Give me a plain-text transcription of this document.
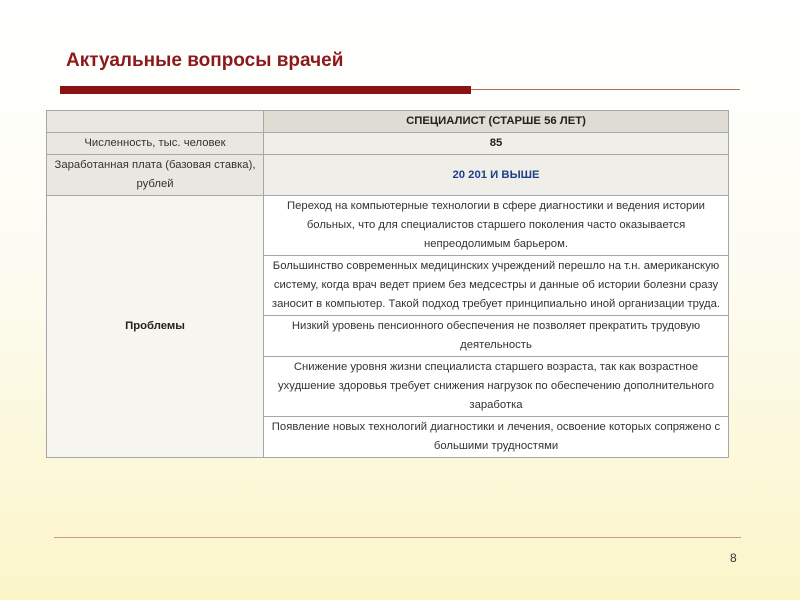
Актуальные вопросы врачей
	СПЕЦИАЛИСТ (СТАРШЕ 56 ЛЕТ)
Численность, тыс. человек	85
Заработанная плата (базовая ставка), рублей	20 201 И ВЫШЕ
Проблемы	Переход на компьютерные технологии в сфере диагностики и ведения истории больных, что для специалистов старшего поколения часто оказывается непреодолимым барьером.
	Большинство современных медицинских учреждений перешло на т.н. американскую систему, когда врач ведет прием без медсестры и данные об истории болезни сразу заносит в компьютер. Такой подход требует принципиально иной организации труда.
	Низкий уровень пенсионного обеспечения не позволяет прекратить трудовую деятельность
	Снижение уровня жизни специалиста старшего возраста, так как возрастное ухудшение здоровья требует снижения нагрузок по обеспечению дополнительного заработка
	Появление новых технологий диагностики и лечения, освоение которых сопряжено с большими трудностями
8
